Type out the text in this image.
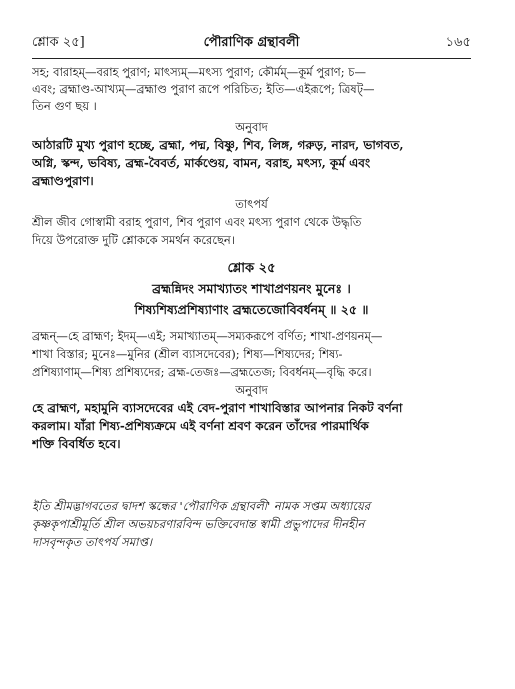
শ্লোক ২৫]	পৌরাণিক গ্রন্থাবলী	১৬৫
সহ; বারাহম্—বরাহ পুরাণ; মাৎস্যম্—মৎস্য পুরাণ; কৌর্মম্—কূর্ম পুরাণ; চ—
এবং; ব্রহ্মাণ্ড-আখ্যম্—ব্রহ্মাণ্ড পুরাণ রূপে পরিচিত; ইতি—এইরূপে; ত্রিষট্—
তিন গুণ ছয় ।
অনুবাদ
আঠারটি মুখ্য পুরাণ হচ্ছে, ব্রহ্মা, পদ্ম, বিষ্ণু, শিব, লিঙ্গ, গরুড়, নারদ, ভাগবত,
অগ্নি, স্কন্দ, ভবিষ্য, ব্রহ্ম-বৈবর্ত, মার্কণ্ডেয়, বামন, বরাহ, মৎস্য, কূর্ম এবং
ব্রহ্মাণ্ডপুরাণ।
তাৎপর্য
শ্রীল জীব গোস্বামী বরাহ পুরাণ, শিব পুরাণ এবং মৎস্য পুরাণ থেকে উদ্ধৃতি
দিয়ে উপরোক্ত দুটি শ্লোককে সমর্থন করেছেন।
শ্লোক ২৫
ব্রহ্মন্নিদং সমাখ্যাতং শাখাপ্রণয়নং মুনেঃ ।
শিষ্যশিষ্যপ্রশিষ্যাণাং ব্রহ্মতেজোবিবর্ধনম্ ॥ ২৫ ॥
ব্রহ্মন্—হে ব্রাহ্মণ; ইদম্—এই; সমাখ্যাতম্—সম্যকরূপে বর্ণিত; শাখা-প্রণয়নম্—
শাখা বিস্তার; মুনেঃ—মুনির (শ্রীল ব্যাসদেবের); শিষ্য—শিষ্যদের; শিষ্য-
প্রশিষ্যাণাম্—শিষ্য প্রশিষ্যদের; ব্রহ্ম-তেজঃ—ব্রহ্মতেজ; বিবর্ধনম্—বৃদ্ধি করে।
অনুবাদ
হে ব্রাহ্মণ, মহামুনি ব্যাসদেবের এই বেদ-পুরাণ শাখাবিস্তার আপনার নিকট বর্ণনা
করলাম। যাঁরা শিষ্য-প্রশিষ্যক্রমে এই বর্ণনা শ্রবণ করেন তাঁদের পারমার্থিক
শক্তি বিবর্ধিত হবে।
ইতি শ্রীমদ্ভাগবতের দ্বাদশ স্কন্ধের 'পৌরাণিক গ্রন্থাবলী' নামক সপ্তম অধ্যায়ের
কৃষ্ণকৃপাশ্রীমূর্তি শ্রীল অভয়চরণারবিন্দ ভক্তিবেদান্ত স্বামী প্রভুপাদের দীনহীন
দাসবৃন্দকৃত তাৎপর্য সমাপ্ত।
